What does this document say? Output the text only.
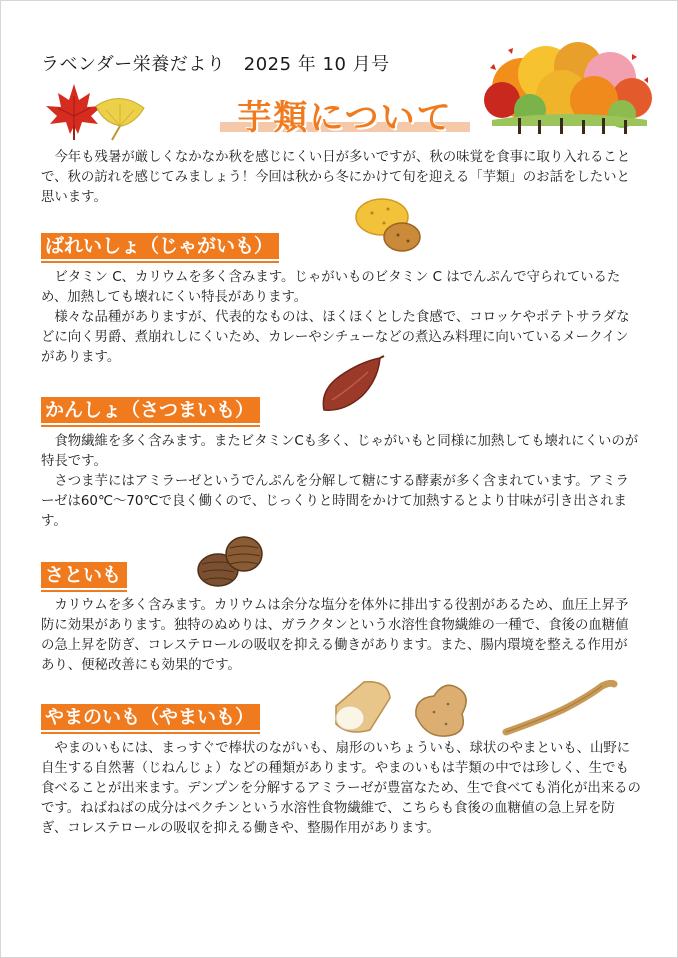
ラベンダー栄養だより　2025 年 10 月号
芋類について

　今年も残暑が厳しくなかなか秋を感じにくい日が多いですが、秋の味覚を食事に取り入れることで、秋の訪れを感じてみましょう！今回は秋から冬にかけて旬を迎える「芋類」のお話をしたいと思います。

ばれいしょ（じゃがいも）

　ビタミン C、カリウムを多く含みます。じゃがいものビタミン C はでんぷんで守られているため、加熱しても壊れにくい特長があります。

　様々な品種がありますが、代表的なものは、ほくほくとした食感で、コロッケやポテトサラダなどに向く男爵、煮崩れしにくいため、カレーやシチューなどの煮込み料理に向いているメークインがあります。

かんしょ（さつまいも）

　食物繊維を多く含みます。またビタミンCも多く、じゃがいもと同様に加熱しても壊れにくいのが特長です。

　さつま芋にはアミラーゼというでんぷんを分解して糖にする酵素が多く含まれています。アミラーゼは60℃～70℃で良く働くので、じっくりと時間をかけて加熱するとより甘味が引き出されます。

さといも

　カリウムを多く含みます。カリウムは余分な塩分を体外に排出する役割があるため、血圧上昇予防に効果があります。独特のぬめりは、ガラクタンという水溶性食物繊維の一種で、食後の血糖値の急上昇を防ぎ、コレステロールの吸収を抑える働きがあります。また、腸内環境を整える作用があり、便秘改善にも効果的です。

やまのいも（やまいも）

　やまのいもには、まっすぐで棒状のながいも、扇形のいちょういも、球状のやまといも、山野に自生する自然薯（じねんじょ）などの種類があります。やまのいもは芋類の中では珍しく、生でも食べることが出来ます。デンプンを分解するアミラーゼが豊富なため、生で食べても消化が出来るのです。ねばねばの成分はペクチンという水溶性食物繊維で、こちらも食後の血糖値の急上昇を防ぎ、コレステロールの吸収を抑える働きや、整腸作用があります。
